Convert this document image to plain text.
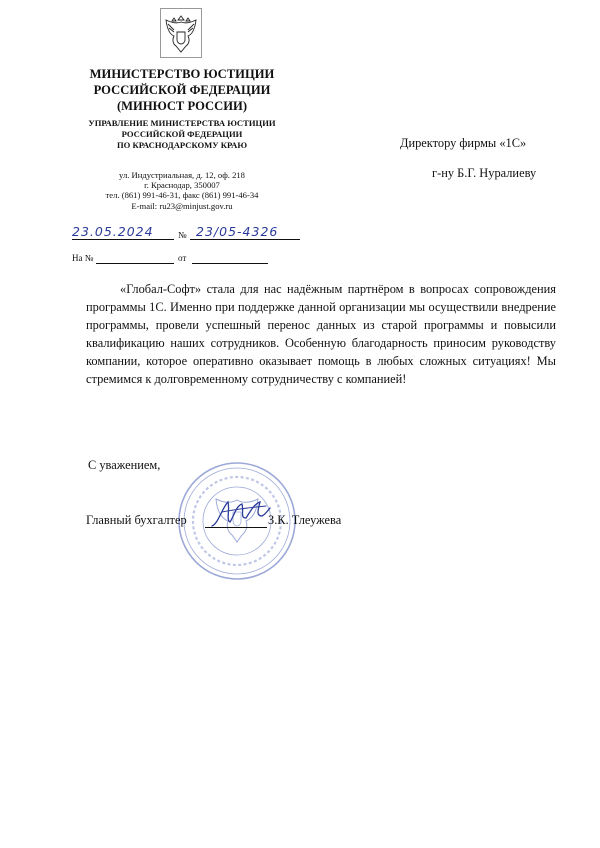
МИНИСТЕРСТВО ЮСТИЦИИ
РОССИЙСКОЙ ФЕДЕРАЦИИ
(МИНЮСТ РОССИИ)
УПРАВЛЕНИЕ МИНИСТЕРСТВА ЮСТИЦИИ
РОССИЙСКОЙ ФЕДЕРАЦИИ
ПО КРАСНОДАРСКОМУ КРАЮ
ул. Индустриальная, д. 12, оф. 218
г. Краснодар, 350007
тел. (861) 991-46-31, факс (861) 991-46-34
E-mail: ru23@minjust.gov.ru
23.05.2024	№ 23/05-4326
На №	от
Директору фирмы «1С»
г-ну Б.Г. Нуралиеву

«Глобал-Софт» стала для нас надёжным партнёром в вопросах сопровождения программы 1С. Именно при поддержке данной организации мы осуществили внедрение программы, провели успешный перенос данных из старой программы и повысили квалификацию наших сотрудников. Особенную благодарность приносим руководству компании, которое оперативно оказывает помощь в любых сложных ситуациях! Мы стремимся к долговременному сотрудничеству с компанией!

С уважением,
Главный бухгалтер	З.К. Тлеужева
